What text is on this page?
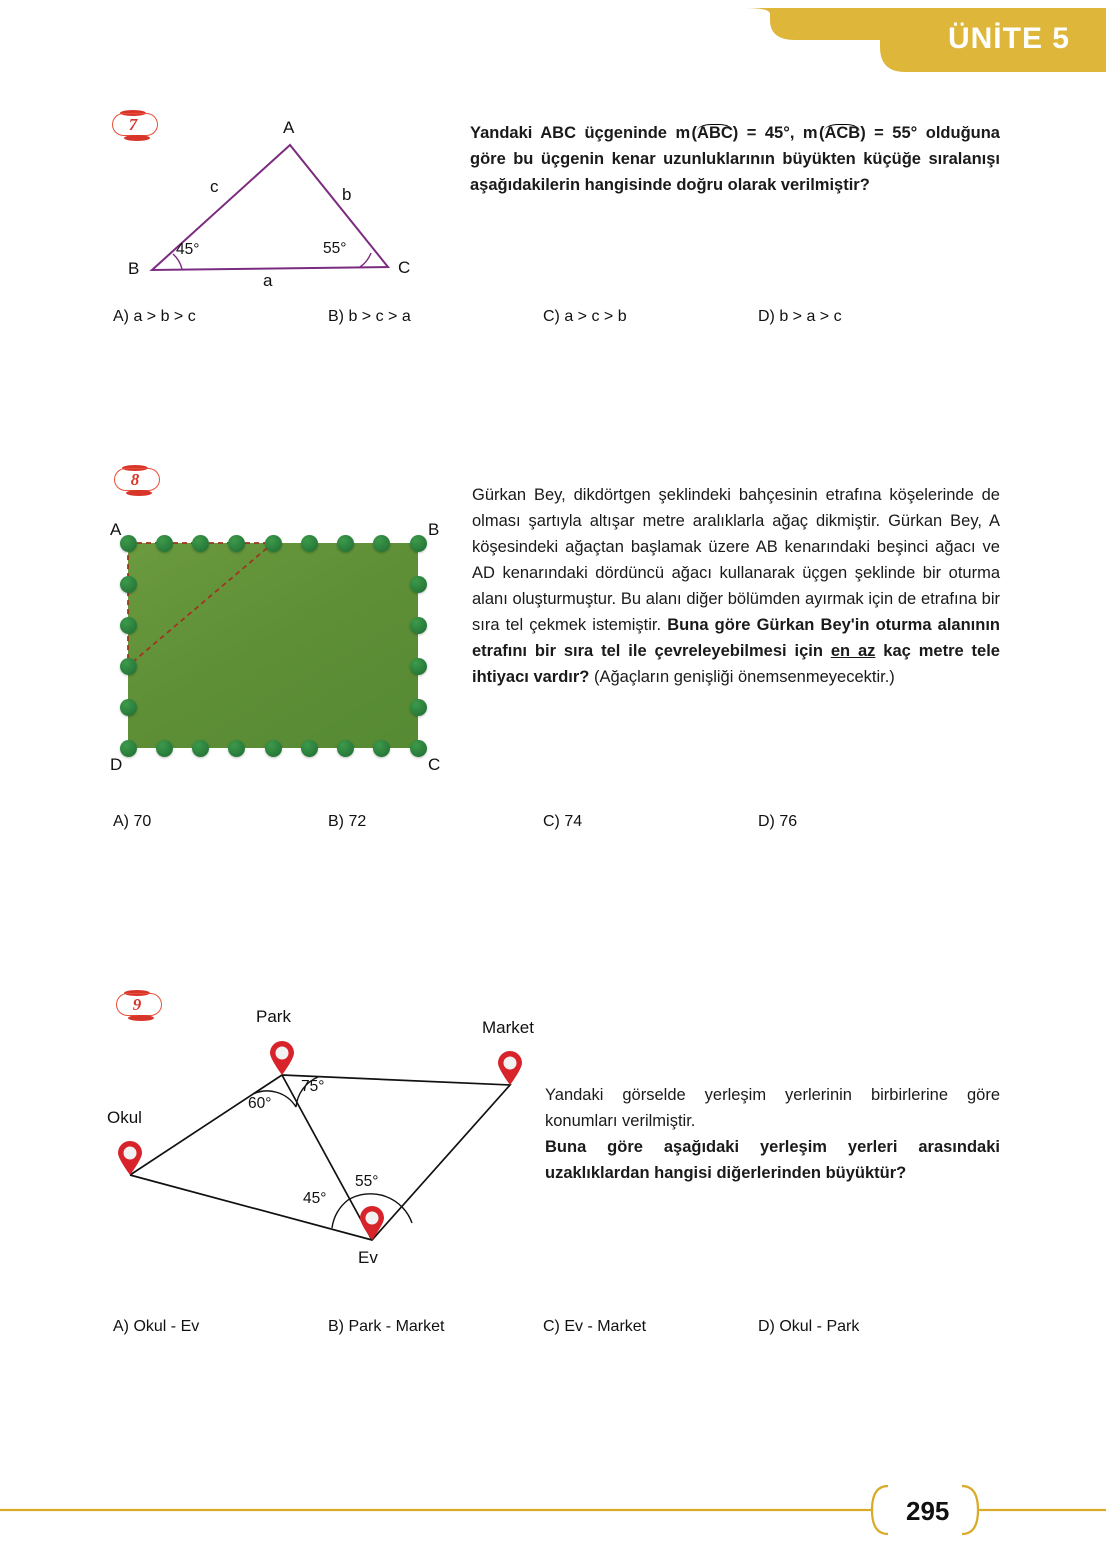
ÜNİTE 5
7	A
B	C
c	b
a
45°	55°
Yandaki ABC üçgeninde m (ABC) = 45°, m (ACB) = 55° olduğuna göre bu üçgenin kenar uzunluklarının büyükten küçüğe sıralanışı aşağıdakilerin hangisinde doğru olarak verilmiştir?
A) a > b > c	B) b > c > a	C) a > c > b	D) b > a > c
8
A	B
D	C
Gürkan Bey, dikdörtgen şeklindeki bahçesinin etrafına köşelerinde de olması şartıyla altışar metre aralıklarla ağaç dikmiştir. Gürkan Bey, A köşesindeki ağaçtan başlamak üzere AB kenarındaki beşinci ağacı ve AD kenarındaki dördüncü ağacı kullanarak üçgen şeklinde bir oturma alanı oluşturmuştur. Bu alanı diğer bölümden ayırmak için de etrafına bir sıra tel çekmek istemiştir. Buna göre Gürkan Bey'in oturma alanının etrafını bir sıra tel ile çevreleyebilmesi için en az kaç metre tele ihtiyacı vardır? (Ağaçların genişliği önemsenmeyecektir.)
A) 70	B) 72	C) 74	D) 76
9
Park
Market
Okul
Ev
60°
75°
45°
55°
Yandaki görselde yerleşim yerlerinin birbirlerine göre konumları verilmiştir.
Buna göre aşağıdaki yerleşim yerleri arasındaki uzaklıklardan hangisi diğerlerinden büyüktür?
A) Okul - Ev	B) Park - Market	C) Ev - Market	D) Okul - Park
295
